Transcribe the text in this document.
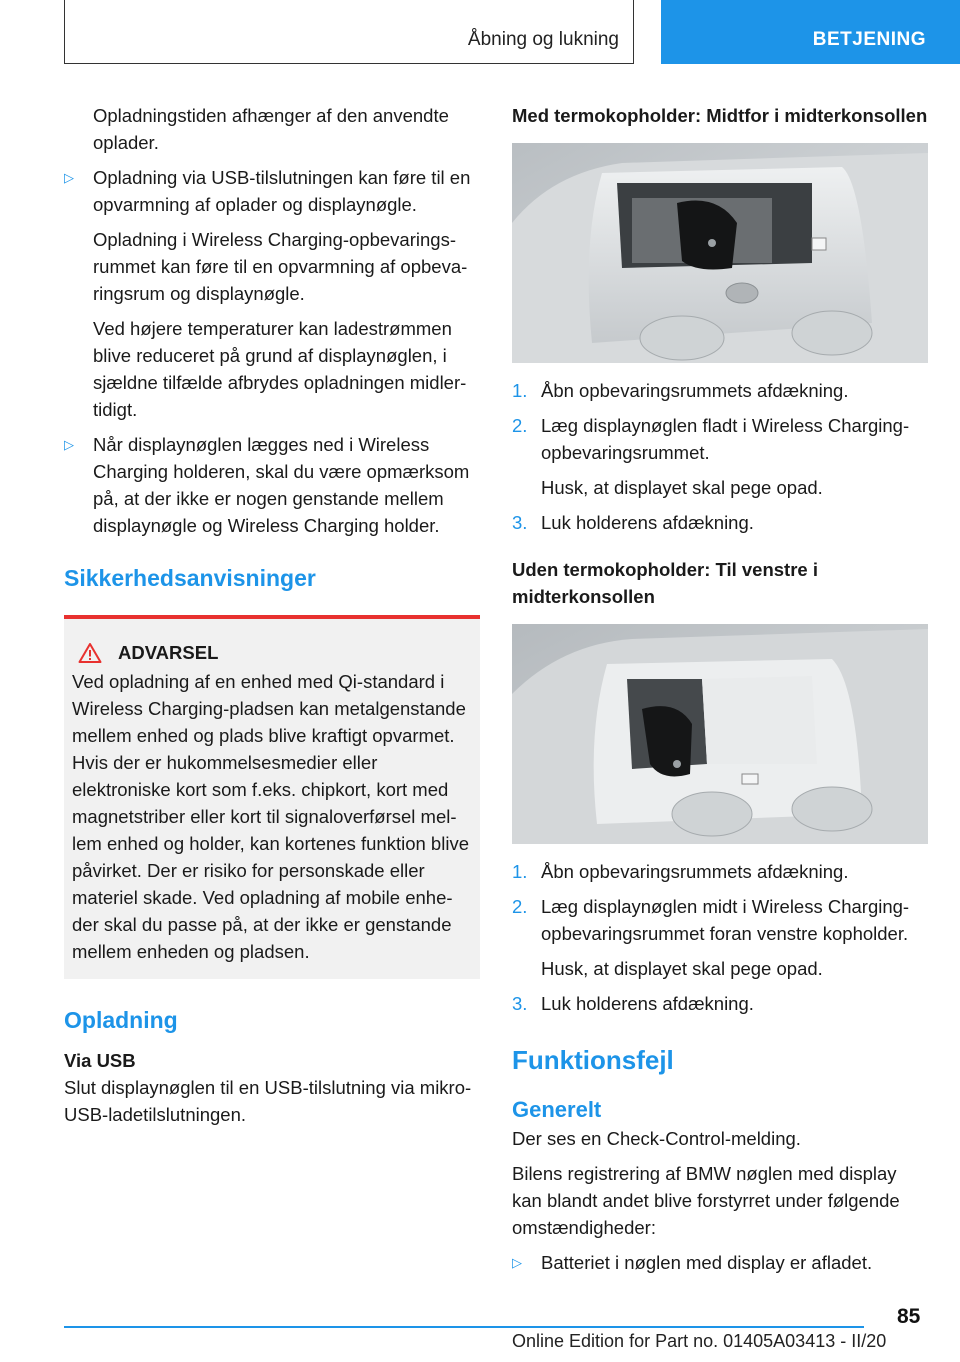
Åbning og lukning	BETJENING

Opladningstiden afhænger af den anvendte oplader.

▷
Opladning via USB-tilslutningen kan føre til en opvarmning af oplader og displaynøgle.

Opladning i Wireless Charging-opbevaringsrummet kan føre til en opvarmning af opbevaringsrum og displaynøgle.

Ved højere temperaturer kan ladestrømmen blive reduceret på grund af displaynøglen, i sjældne tilfælde afbrydes opladningen midlertidigt.

▷
Når displaynøglen lægges ned i Wireless Charging holderen, skal du være opmærksom på, at der ikke er nogen genstande mellem displaynøgle og Wireless Charging holder.
Sikkerhedsanvisninger
ADVARSEL
Ved opladning af en enhed med Qi-standard i Wireless Charging-pladsen kan metalgenstande mellem enhed og plads blive kraftigt opvarmet. Hvis der er hukommelsesmedier eller elektroniske kort som f.eks. chipkort, kort med magnetstriber eller kort til signaloverførsel mellem enhed og holder, kan kortenes funktion blive påvirket. Der er risiko for personskade eller materiel skade. Ved opladning af mobile enheder skal du passe på, at der ikke er genstande mellem enheden og pladsen.
Opladning
Via USB

Slut displaynøglen til en USB-tilslutning via mikro-USB-ladetilslutningen.

Med termokopholder: Midtfor i midterkonsollen
1. Åbn opbevaringsrummets afdækning.
2. Læg displaynøglen fladt i Wireless Charging-opbevaringsrummet.

Husk, at displayet skal pege opad.

3. Luk holderens afdækning.
Uden termokopholder: Til venstre i midterkonsollen
1. Åbn opbevaringsrummets afdækning.
2. Læg displaynøglen midt i Wireless Charging-opbevaringsrummet foran venstre kopholder.

Husk, at displayet skal pege opad.

3. Luk holderens afdækning.
Funktionsfejl
Generelt

Der ses en Check-Control-melding.

Bilens registrering af BMW nøglen med display kan blandt andet blive forstyrret under følgende omstændigheder:

▷
Batteriet i nøglen med display er afladet.
85
Online Edition for Part no. 01405A03413 - II/20
